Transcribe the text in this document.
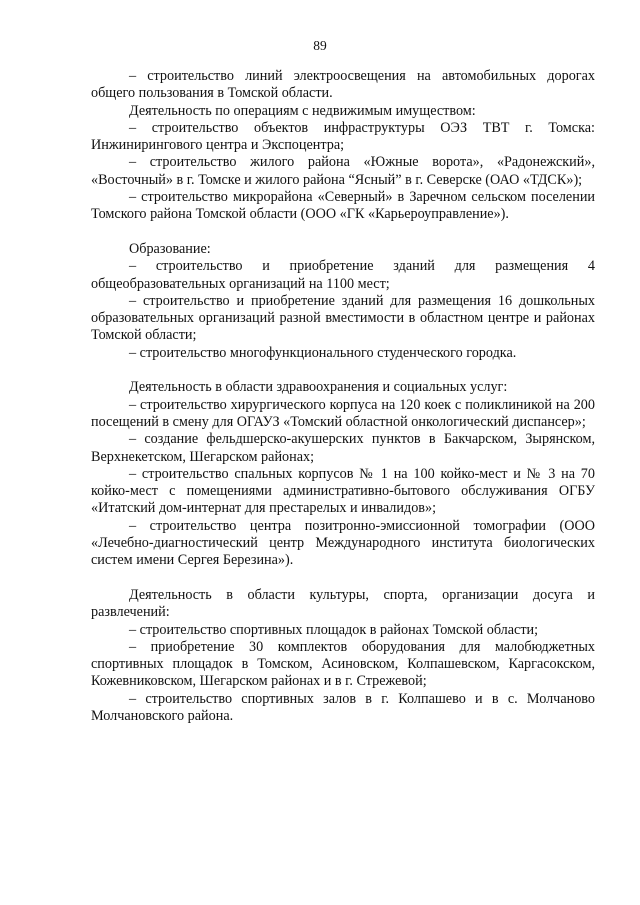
89

– строительство линий электроосвещения на автомобильных дорогах общего пользования в Томской области.

Деятельность по операциям с недвижимым имуществом:

– строительство объектов инфраструктуры ОЭЗ ТВТ г. Томска: Инжинирингового центра и Экспоцентра;

– строительство жилого района «Южные ворота», «Радонежский», «Восточный» в г. Томске и жилого района “Ясный” в г. Северске (ОАО «ТДСК»);

– строительство микрорайона «Северный» в Заречном сельском поселении Томского района Томской области (ООО «ГК «Карьероуправление»).

Образование:

– строительство и приобретение зданий для размещения 4 общеобразовательных организаций на 1100 мест;

– строительство и приобретение зданий для размещения 16 дошкольных образовательных организаций разной вместимости в областном центре и районах Томской области;

– строительство многофункционального студенческого городка.

Деятельность в области здравоохранения и социальных услуг:

– строительство хирургического корпуса на 120 коек с поликлиникой на 200 посещений в смену для ОГАУЗ «Томский областной онкологический диспансер»;

– создание фельдшерско-акушерских пунктов в Бакчарском, Зырянском, Верхнекетском, Шегарском районах;

– строительство спальных корпусов № 1 на 100 койко-мест и № 3 на 70 койко-мест с помещениями административно-бытового обслуживания ОГБУ «Итатский дом-интернат для престарелых и инвалидов»;

– строительство центра позитронно-эмиссионной томографии (ООО «Лечебно-диагностический центр Международного института биологических систем имени Сергея Березина»).

Деятельность в области культуры, спорта, организации досуга и развлечений:

– строительство спортивных площадок в районах Томской области;

– приобретение 30 комплектов оборудования для малобюджетных спортивных площадок в Томском, Асиновском, Колпашевском, Каргасокском, Кожевниковском, Шегарском районах и в г. Стрежевой;

– строительство спортивных залов в г. Колпашево и в с. Молчаново Молчановского района.
